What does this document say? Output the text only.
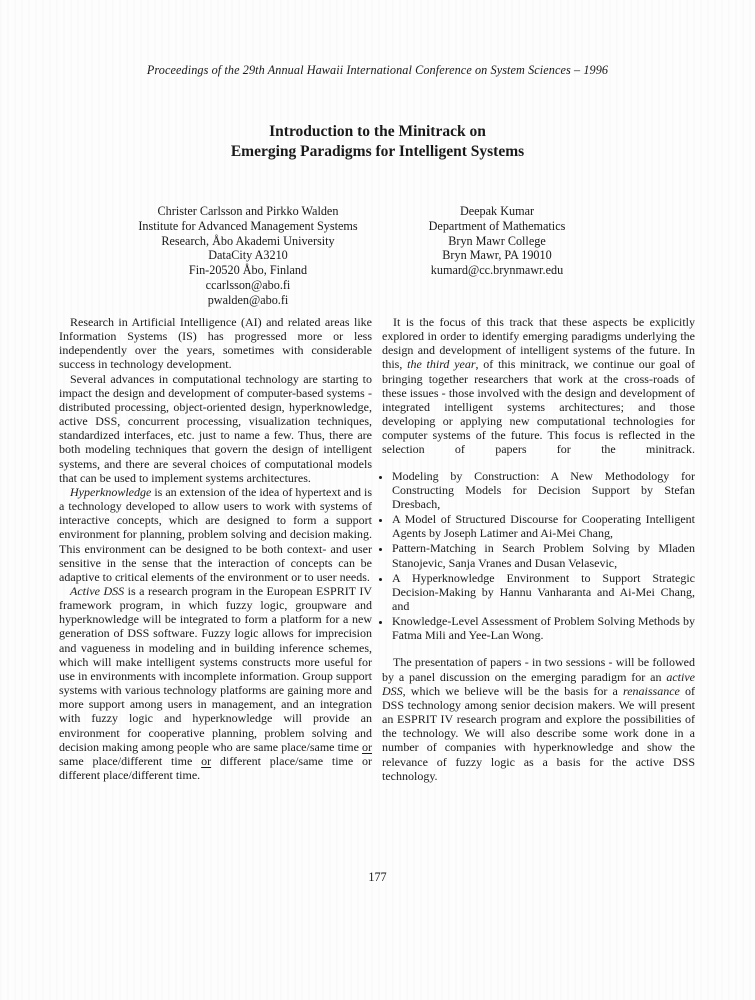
Proceedings of the 29th Annual Hawaii International Conference on System Sciences – 1996
Introduction to the Minitrack on
Emerging Paradigms for Intelligent Systems
Christer Carlsson and Pirkko Walden
Institute for Advanced Management Systems
Research, Åbo Akademi University
DataCity A3210
Fin-20520 Åbo, Finland
ccarlsson@abo.fi
pwalden@abo.fi
Deepak Kumar
Department of Mathematics
Bryn Mawr College
Bryn Mawr, PA 19010
kumard@cc.brynmawr.edu

Research in Artificial Intelligence (AI) and related areas like Information Systems (IS) has progressed more or less independently over the years, sometimes with considerable success in technology development.

Several advances in computational technology are starting to impact the design and development of computer-based systems - distributed processing, object-oriented design, hyperknowledge, active DSS, concurrent processing, visualization techniques, standardized interfaces, etc. just to name a few. Thus, there are both modeling techniques that govern the design of intelligent systems, and there are several choices of computational models that can be used to implement systems architectures.

Hyperknowledge is an extension of the idea of hypertext and is a technology developed to allow users to work with systems of interactive concepts, which are designed to form a support environment for planning, problem solving and decision making. This environment can be designed to be both context- and user sensitive in the sense that the interaction of concepts can be adaptive to critical elements of the environment or to user needs.

Active DSS is a research program in the European ESPRIT IV framework program, in which fuzzy logic, groupware and hyperknowledge will be integrated to form a platform for a new generation of DSS software. Fuzzy logic allows for imprecision and vagueness in modeling and in building inference schemes, which will make intelligent systems constructs more useful for use in environments with incomplete information. Group support systems with various technology platforms are gaining more and more support among users in management, and an integration with fuzzy logic and hyperknowledge will provide an environment for cooperative planning, problem solving and decision making among people who are same place/same time or same place/different time or different place/same time or different place/different time.

It is the focus of this track that these aspects be explicitly explored in order to identify emerging paradigms underlying the design and development of intelligent systems of the future. In this, the third year, of this minitrack, we continue our goal of bringing together researchers that work at the cross-roads of these issues - those involved with the design and development of integrated intelligent systems architectures; and those developing or applying new computational technologies for computer systems of the future. This focus is reflected in the selection of papers for the minitrack.

• Modeling by Construction: A New Methodology for Constructing Models for Decision Support by Stefan Dresbach,
• A Model of Structured Discourse for Cooperating Intelligent Agents by Joseph Latimer and Ai-Mei Chang,
• Pattern-Matching in Search Problem Solving by Mladen Stanojevic, Sanja Vranes and Dusan Velasevic,
• A Hyperknowledge Environment to Support Strategic Decision-Making by Hannu Vanharanta and Ai-Mei Chang, and
• Knowledge-Level Assessment of Problem Solving Methods by Fatma Mili and Yee-Lan Wong.

The presentation of papers - in two sessions - will be followed by a panel discussion on the emerging paradigm for an active DSS, which we believe will be the basis for a renaissance of DSS technology among senior decision makers. We will present an ESPRIT IV research program and explore the possibilities of the technology. We will also describe some work done in a number of companies with hyperknowledge and show the relevance of fuzzy logic as a basis for the active DSS technology.

177
